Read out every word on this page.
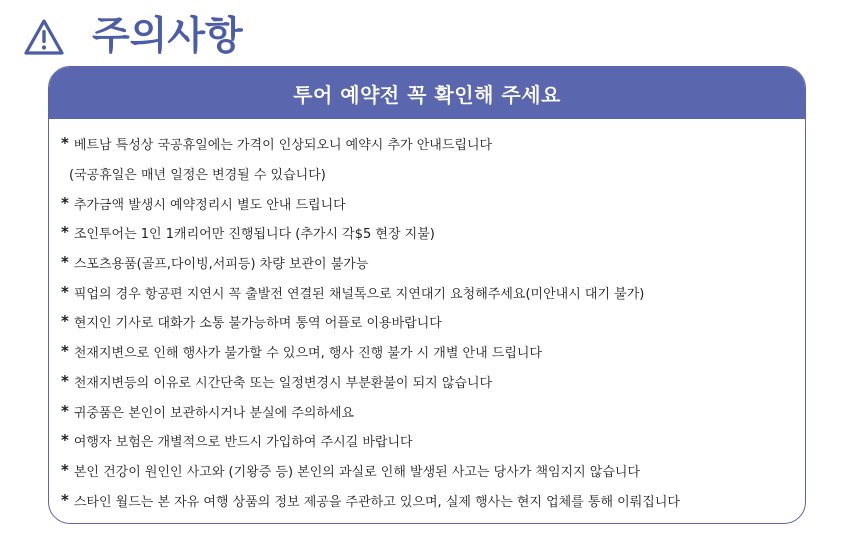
주의사항
투어 예약전 꼭 확인해 주세요
* 베트남 특성상 국공휴일에는 가격이 인상되오니 예약시 추가 안내드립니다
(국공휴일은 매년 일정은 변경될 수 있습니다)
* 추가금액 발생시 예약정리시 별도 안내 드립니다
* 조인투어는 1인 1캐리어만 진행됩니다 (추가시 각$5 현장 지불)
* 스포츠용품(골프,다이빙,서피등) 차량 보관이 불가능
* 픽업의 경우 항공편 지연시 꼭 출발전 연결된 채널톡으로 지연대기 요청해주세요(미안내시 대기 불가)
* 현지인 기사로 대화가 소통 불가능하며 통역 어플로 이용바랍니다
* 천재지변으로 인해 행사가 불가할 수 있으며, 행사 진행 불가 시 개별 안내 드립니다
* 천재지변등의 이유로 시간단축 또는 일정변경시 부분환불이 되지 않습니다
* 귀중품은 본인이 보관하시거나 분실에 주의하세요
* 여행자 보험은 개별적으로 반드시 가입하여 주시길 바랍니다
* 본인 건강이 원인인 사고와 (기왕증 등) 본인의 과실로 인해 발생된 사고는 당사가 책임지지 않습니다
* 스타인 월드는 본 자유 여행 상품의 정보 제공을 주관하고 있으며, 실제 행사는 현지 업체를 통해 이뤄집니다
